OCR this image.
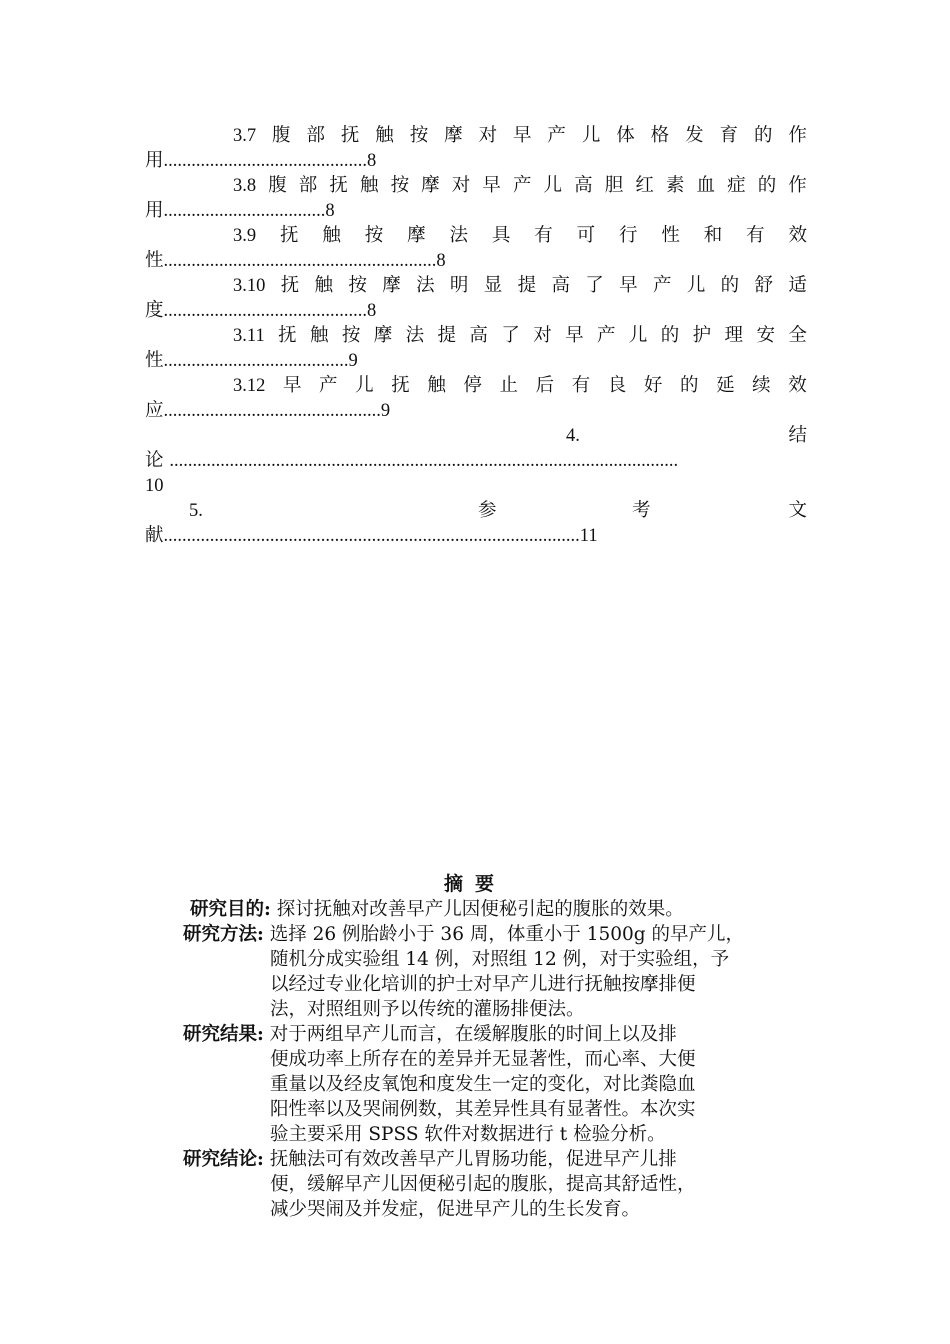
3.7 腹 部 抚 触 按 摩 对 早 产 儿 体 格 发 育 的 作
用............................................8
3.8 腹 部 抚 触 按 摩 对 早 产 儿 高 胆 红 素 血 症 的 作
用...................................8
3.9 抚 触 按 摩 法 具 有 可 行 性 和 有 效
性...........................................................8
3.10 抚 触 按 摩 法 明 显 提 高 了 早 产 儿 的 舒 适
度............................................8
3.11 抚 触 按 摩 法 提 高 了 对 早 产 儿 的 护 理 安 全
性........................................9
3.12 早 产 儿 抚 触 停 止 后 有 良 好 的 延 续 效
应...............................................9
4.	结
论 ..............................................................................................................
10
5.	参	考	文
献..........................................................................................11
摘要
研究目的: 探讨抚触对改善早产儿因便秘引起的腹胀的效果。
研究方法: 选择 26 例胎龄小于 36 周，体重小于 1500g 的早产儿，
随机分成实验组 14 例，对照组 12 例，对于实验组，予
以经过专业化培训的护士对早产儿进行抚触按摩排便
法，对照组则予以传统的灌肠排便法。
研究结果: 对于两组早产儿而言，在缓解腹胀的时间上以及排
便成功率上所存在的差异并无显著性，而心率、大便
重量以及经皮氧饱和度发生一定的变化，对比粪隐血
阳性率以及哭闹例数，其差异性具有显著性。本次实
验主要采用 SPSS 软件对数据进行 t 检验分析。
研究结论: 抚触法可有效改善早产儿胃肠功能，促进早产儿排
便，缓解早产儿因便秘引起的腹胀，提高其舒适性，
减少哭闹及并发症，促进早产儿的生长发育。
